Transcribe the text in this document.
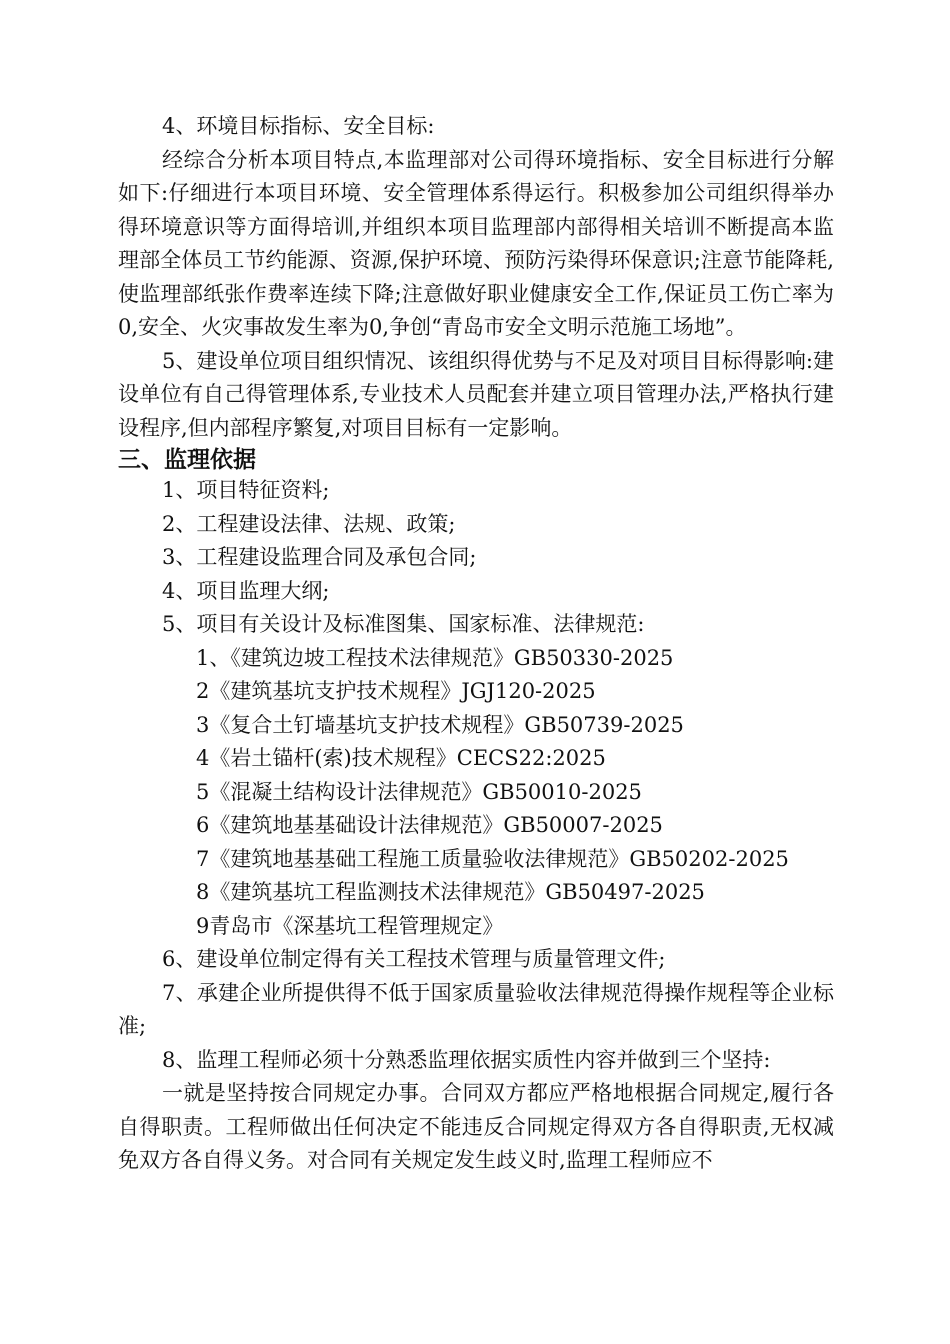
4、环境目标指标、安全目标:

经综合分析本项目特点,本监理部对公司得环境指标、安全目标进行分解如下:仔细进行本项目环境、安全管理体系得运行。积极参加公司组织得举办得环境意识等方面得培训,并组织本项目监理部内部得相关培训不断提高本监理部全体员工节约能源、资源,保护环境、预防污染得环保意识;注意节能降耗,使监理部纸张作费率连续下降;注意做好职业健康安全工作,保证员工伤亡率为0,安全、火灾事故发生率为0,争创“青岛市安全文明示范施工场地”。

5、建设单位项目组织情况、该组织得优势与不足及对项目目标得影响:建设单位有自己得管理体系,专业技术人员配套并建立项目管理办法,严格执行建设程序,但内部程序繁复,对项目目标有一定影响。

三、监理依据

1、项目特征资料;

2、工程建设法律、法规、政策;

3、工程建设监理合同及承包合同;

4、项目监理大纲;

5、项目有关设计及标准图集、国家标准、法律规范:

1、《建筑边坡工程技术法律规范》GB50330-2025

2《建筑基坑支护技术规程》JGJ120-2025

3《复合土钉墙基坑支护技术规程》GB50739-2025

4《岩土锚杆(索)技术规程》CECS22:2025

5《混凝土结构设计法律规范》GB50010-2025

6《建筑地基基础设计法律规范》GB50007-2025

7《建筑地基基础工程施工质量验收法律规范》GB50202-2025

8《建筑基坑工程监测技术法律规范》GB50497-2025

9青岛市《深基坑工程管理规定》

6、建设单位制定得有关工程技术管理与质量管理文件;

7、承建企业所提供得不低于国家质量验收法律规范得操作规程等企业标准;

8、监理工程师必须十分熟悉监理依据实质性内容并做到三个坚持:

一就是坚持按合同规定办事。合同双方都应严格地根据合同规定,履行各自得职责。工程师做出任何决定不能违反合同规定得双方各自得职责,无权减免双方各自得义务。对合同有关规定发生歧义时,监理工程师应不
